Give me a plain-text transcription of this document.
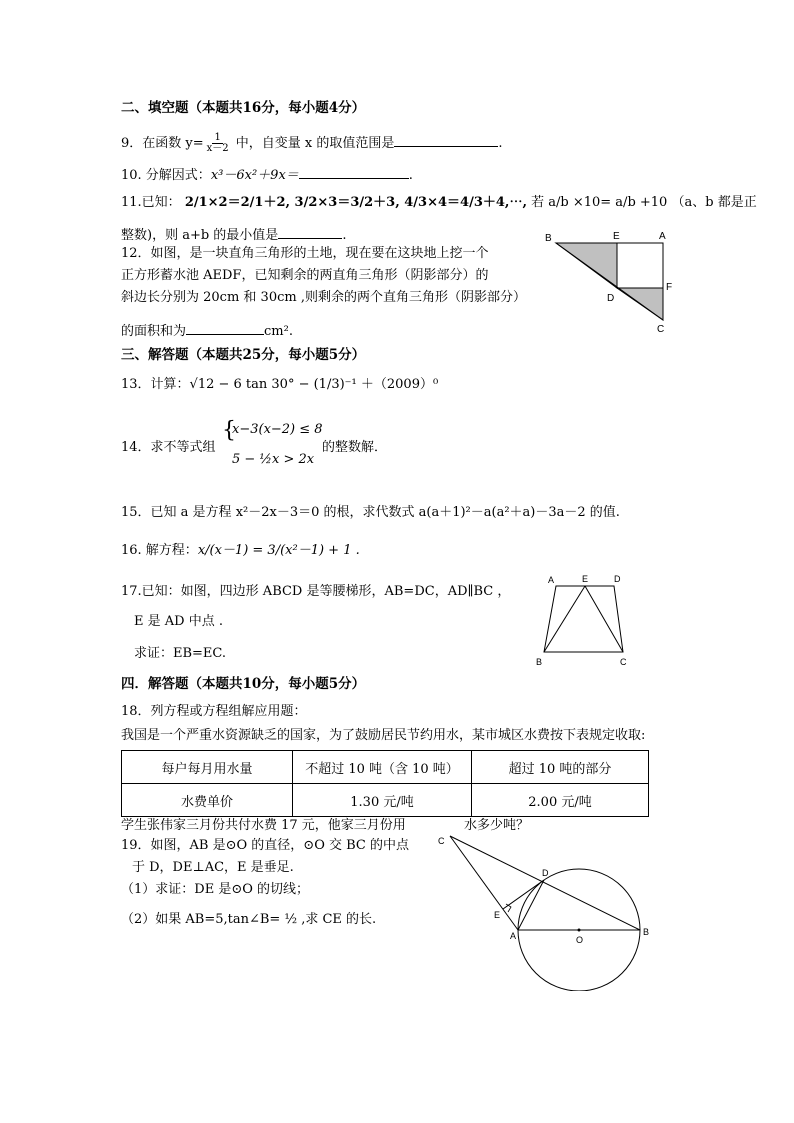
二、填空题（本题共16分，每小题4分）
9．在函数 $y= \frac{1}{x-2}$ 中，自变量 x 的取值范围是	.
10. 分解因式：x³－6x²＋9x＝	.
11.已知： 2/1×2＝2/1＋2, 3/2×3＝3/2＋3, 4/3×4＝4/3＋4,⋯, 若 a/b ×10= a/b +10 （a、b 都是正
整数)，则 a+b 的最小值是	.
12．如图，是一块直角三角形的土地，现在要在这块地上挖一个
正方形蓄水池 AEDF，已知剩余的两直角三角形（阴影部分）的
斜边长分别为 20cm 和 30cm ,则剩余的两个直角三角形（阴影部分）
的面积和为	cm².
B	E	A
F
D
C
三、解答题（本题共25分，每小题5分）
13．计算：√12 − 6 tan 30° − (1/3)⁻¹ ＋（2009）⁰
14．求不等式组
{
x−3(x−2) ≤ 8
5 − ½x > 2x
的整数解．
15．已知 a 是方程 x²－2x－3＝0 的根，求代数式 a(a＋1)²－a(a²＋a)－3a－2 的值.
16. 解方程：x/(x－1) = 3/(x²－1) + 1 .
17.已知：如图，四边形 ABCD 是等腰梯形，AB=DC，AD∥BC ，
E 是 AD 中点 .
求证：EB=EC.
A	E	D
B	C
四．解答题（本题共10分，每小题5分）
18．列方程或方程组解应用题：
我国是一个严重水资源缺乏的国家，为了鼓励居民节约用水，某市城区水费按下表规定收取:
每户每月用水量	不超过 10 吨（含 10 吨）	超过 10 吨的部分
水费单价	1.30 元/吨	2.00 元/吨
学生张伟家三月份共付水费 17 元，他家三月份用	水多少吨？
19．如图，AB 是⊙O 的直径，⊙O 交 BC 的中点
于 D，DE⊥AC，E 是垂足.
（1）求证：DE 是⊙O 的切线；
（2）如果 AB=5,tan∠B= ½ ,求 CE 的长.
C
D
E
A	O
B
